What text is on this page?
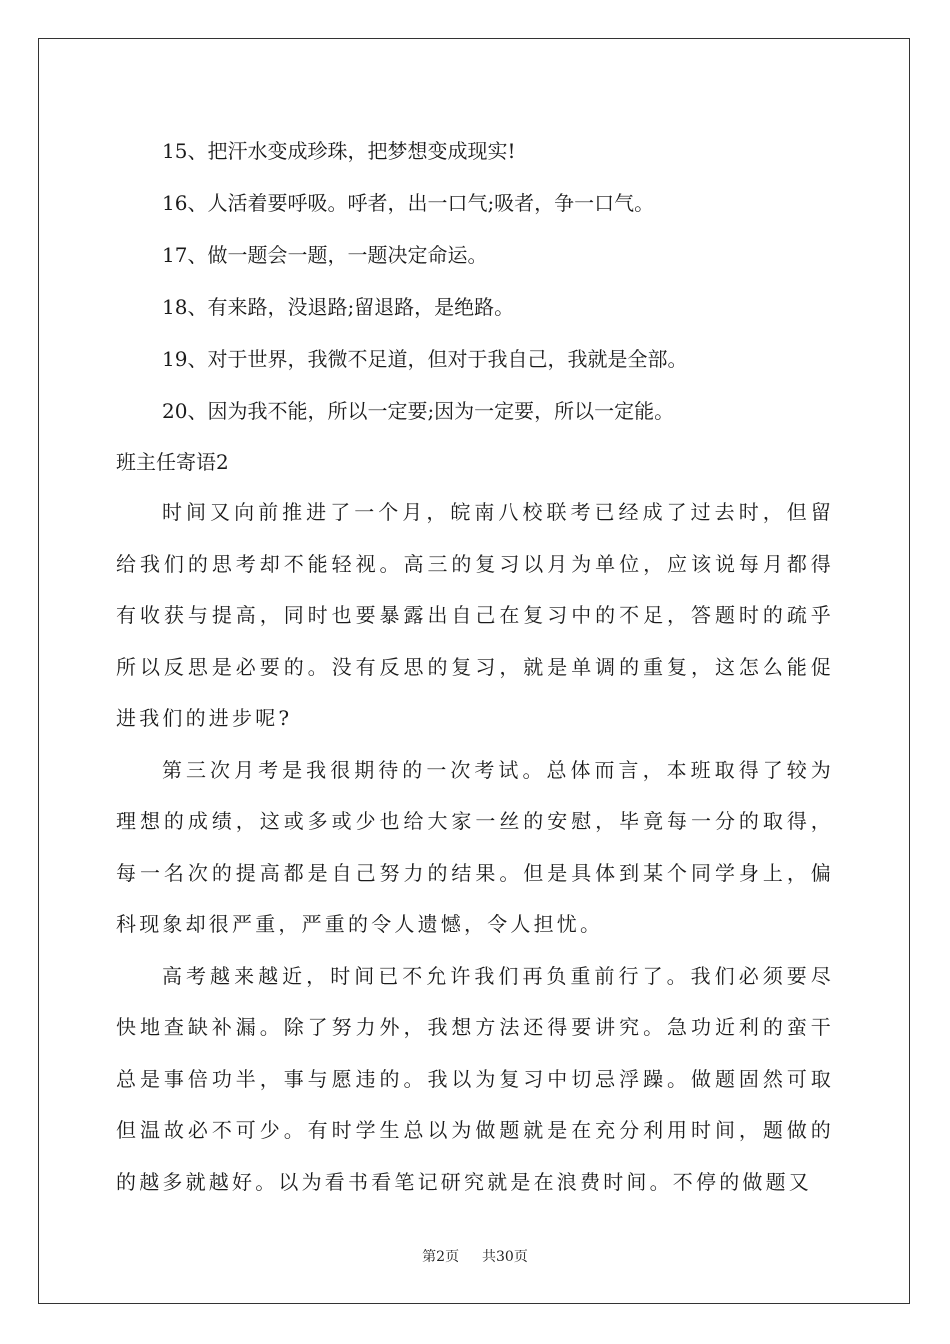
15、把汗水变成珍珠，把梦想变成现实!
16、人活着要呼吸。呼者，出一口气;吸者，争一口气。
17、做一题会一题，一题决定命运。
18、有来路，没退路;留退路，是绝路。
19、对于世界，我微不足道，但对于我自己，我就是全部。
20、因为我不能，所以一定要;因为一定要，所以一定能。
班主任寄语2

时间又向前推进了一个月，皖南八校联考已经成了过去时，但留给我们的思考却不能轻视。高三的复习以月为单位，应该说每月都得有收获与提高，同时也要暴露出自己在复习中的不足，答题时的疏乎所以反思是必要的。没有反思的复习，就是单调的重复，这怎么能促进我们的进步呢?

第三次月考是我很期待的一次考试。总体而言，本班取得了较为理想的成绩，这或多或少也给大家一丝的安慰，毕竟每一分的取得，每一名次的提高都是自己努力的结果。但是具体到某个同学身上，偏科现象却很严重，严重的令人遗憾，令人担忧。

高考越来越近，时间已不允许我们再负重前行了。我们必须要尽快地查缺补漏。除了努力外，我想方法还得要讲究。急功近利的蛮干总是事倍功半，事与愿违的。我以为复习中切忌浮躁。做题固然可取但温故必不可少。有时学生总以为做题就是在充分利用时间，题做的的越多就越好。以为看书看笔记研究就是在浪费时间。不停的做题又

第2页 共30页
